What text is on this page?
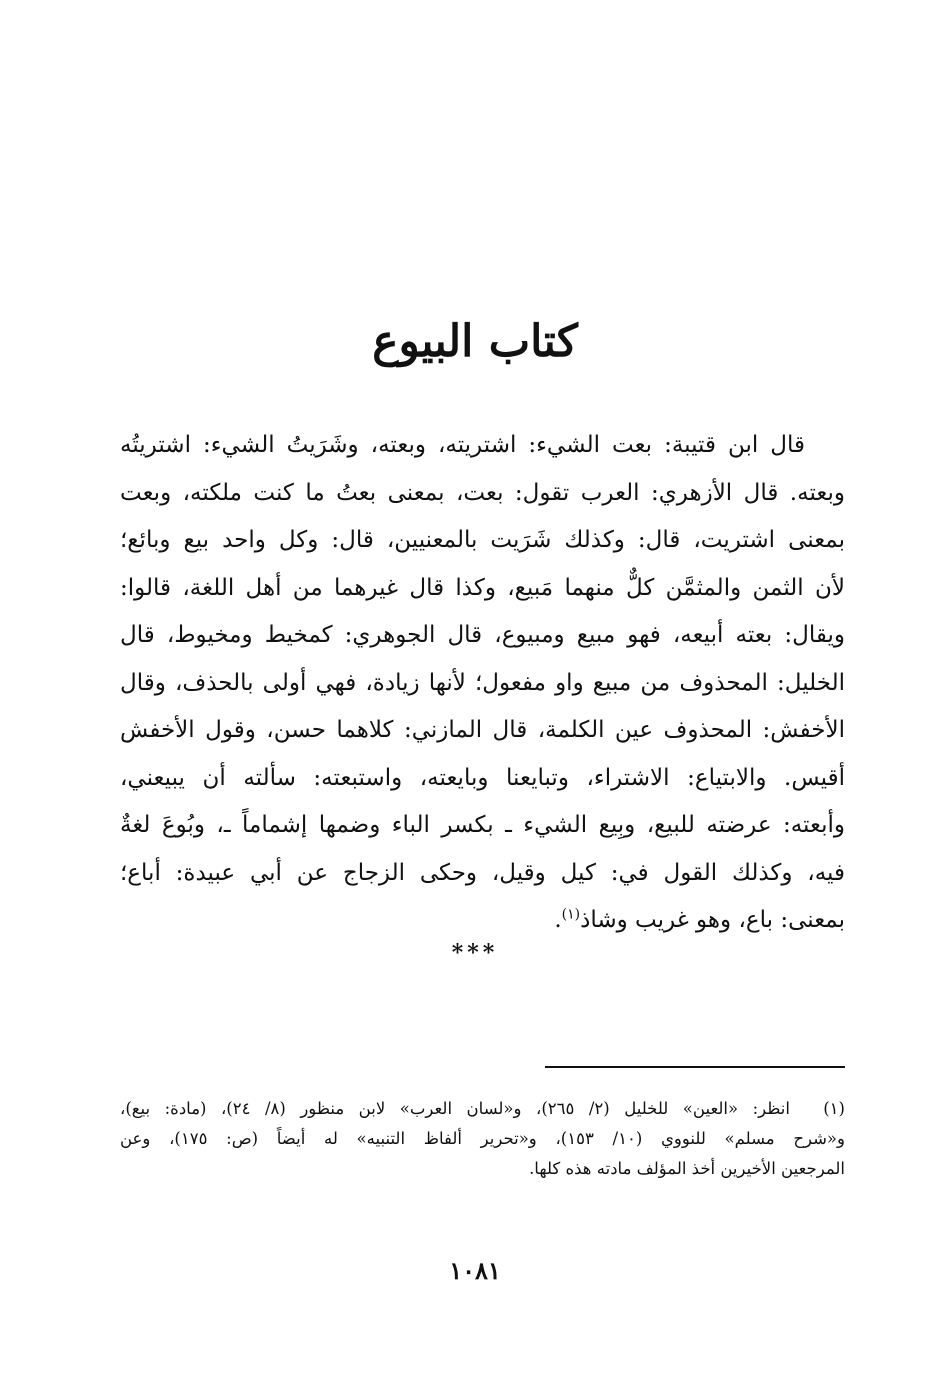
كتاب البيوع
قال ابن قتيبة: بعت الشيء: اشتريته، وبعته، وشَرَيتُ الشيء: اشتريتُه
وبعته. قال الأزهري: العرب تقول: بعت، بمعنى بعتُ ما كنت ملكته، وبعت
بمعنى اشتريت، قال: وكذلك شَرَيت بالمعنيين، قال: وكل واحد بيع وبائع؛
لأن الثمن والمثمَّن كلٌّ منهما مَبيع، وكذا قال غيرهما من أهل اللغة، قالوا:
ويقال: بعته أبيعه، فهو مبيع ومبيوع، قال الجوهري: كمخيط ومخيوط، قال
الخليل: المحذوف من مبيع واو مفعول؛ لأنها زيادة، فهي أولى بالحذف، وقال
الأخفش: المحذوف عين الكلمة، قال المازني: كلاهما حسن، وقول الأخفش
أقيس. والابتياع: الاشتراء، وتبايعنا وبايعته، واستبعته: سألته أن يبيعني،
وأبعته: عرضته للبيع، وبِيع الشيء ـ بكسر الباء وضمها إشماماً ـ، وبُوعَ لغةٌ
فيه، وكذلك القول في: كيل وقيل، وحكى الزجاج عن أبي عبيدة: أباع؛
بمعنى: باع، وهو غريب وشاذ$^{(١)}$.
***
(١)انظر: «العين» للخليل (٢/ ٢٦٥)، و«لسان العرب» لابن منظور (٨/ ٢٤)، (مادة: بيع)،
و«شرح مسلم» للنووي (١٠/ ١٥٣)، و«تحرير ألفاظ التنبيه» له أيضاً (ص: ١٧٥)، وعن
المرجعين الأخيرين أخذ المؤلف مادته هذه كلها.
١٠٨١
